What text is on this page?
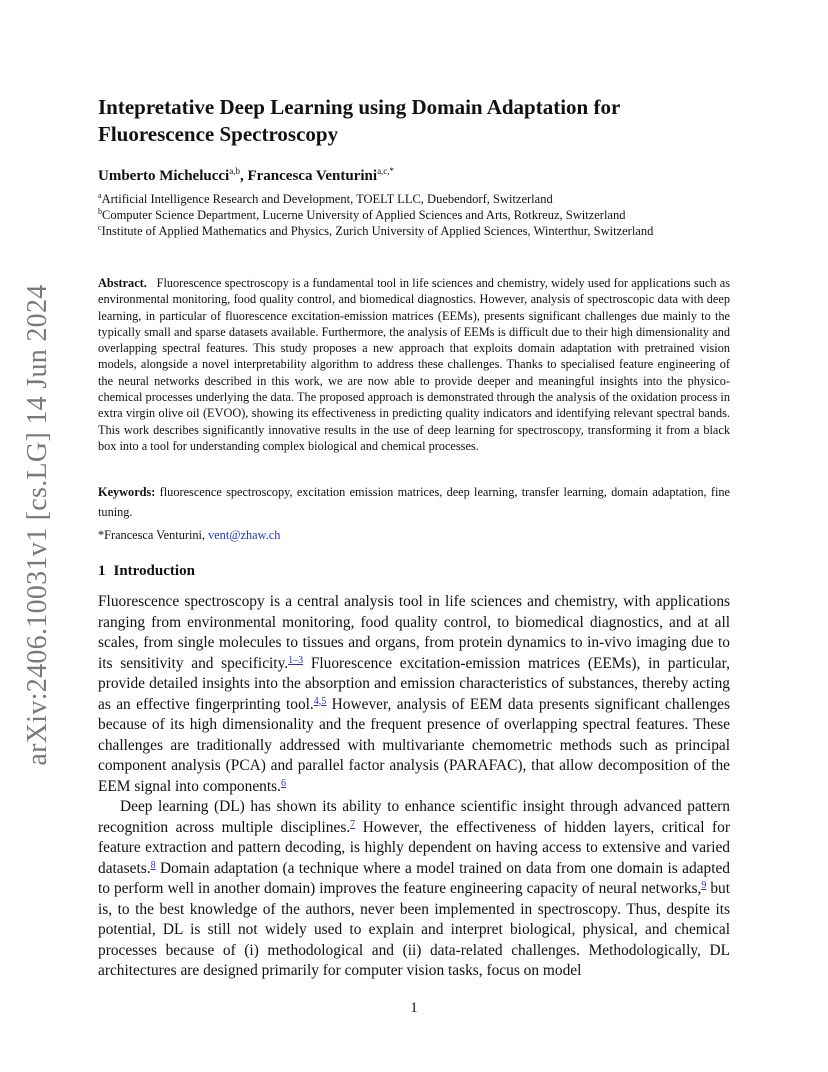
arXiv:2406.10031v1 [cs.LG] 14 Jun 2024
Intepretative Deep Learning using Domain Adaptation for Fluorescence Spectroscopy
Umberto Michelucci$^{a,b}$, Francesca Venturini$^{a,c,*}$
$^a$Artificial Intelligence Research and Development, TOELT LLC, Duebendorf, Switzerland
$^b$Computer Science Department, Lucerne University of Applied Sciences and Arts, Rotkreuz, Switzerland
$^c$Institute of Applied Mathematics and Physics, Zurich University of Applied Sciences, Winterthur, Switzerland

Abstract. Fluorescence spectroscopy is a fundamental tool in life sciences and chemistry, widely used for applications such as environmental monitoring, food quality control, and biomedical diagnostics. However, analysis of spectroscopic data with deep learning, in particular of fluorescence excitation-emission matrices (EEMs), presents significant challenges due mainly to the typically small and sparse datasets available. Furthermore, the analysis of EEMs is difficult due to their high dimensionality and overlapping spectral features. This study proposes a new approach that exploits domain adaptation with pretrained vision models, alongside a novel interpretability algorithm to address these challenges. Thanks to specialised feature engineering of the neural networks described in this work, we are now able to provide deeper and meaningful insights into the physico-chemical processes underlying the data. The proposed approach is demonstrated through the analysis of the oxidation process in extra virgin olive oil (EVOO), showing its effectiveness in predicting quality indicators and identifying relevant spectral bands. This work describes significantly innovative results in the use of deep learning for spectroscopy, transforming it from a black box into a tool for understanding complex biological and chemical processes.

Keywords: fluorescence spectroscopy, excitation emission matrices, deep learning, transfer learning, domain adaptation, fine tuning.

*Francesca Venturini, vent@zhaw.ch
1 Introduction

Fluorescence spectroscopy is a central analysis tool in life sciences and chemistry, with applications ranging from environmental monitoring, food quality control, to biomedical diagnostics, and at all scales, from single molecules to tissues and organs, from protein dynamics to in-vivo imaging due to its sensitivity and specificity.$^{1-3}$ Fluorescence excitation-emission matrices (EEMs), in particular, provide detailed insights into the absorption and emission characteristics of substances, thereby acting as an effective fingerprinting tool.$^{4,5}$ However, analysis of EEM data presents significant challenges because of its high dimensionality and the frequent presence of overlapping spectral features. These challenges are traditionally addressed with multivariante chemometric methods such as principal component analysis (PCA) and parallel factor analysis (PARAFAC), that allow decomposition of the EEM signal into components.$^6$

Deep learning (DL) has shown its ability to enhance scientific insight through advanced pattern recognition across multiple disciplines.$^7$ However, the effectiveness of hidden layers, critical for feature extraction and pattern decoding, is highly dependent on having access to extensive and varied datasets.$^8$ Domain adaptation (a technique where a model trained on data from one domain is adapted to perform well in another domain) improves the feature engineering capacity of neural networks,$^9$ but is, to the best knowledge of the authors, never been implemented in spectroscopy. Thus, despite its potential, DL is still not widely used to explain and interpret biological, physical, and chemical processes because of (i) methodological and (ii) data-related challenges. Methodologically, DL architectures are designed primarily for computer vision tasks, focus on model

1
